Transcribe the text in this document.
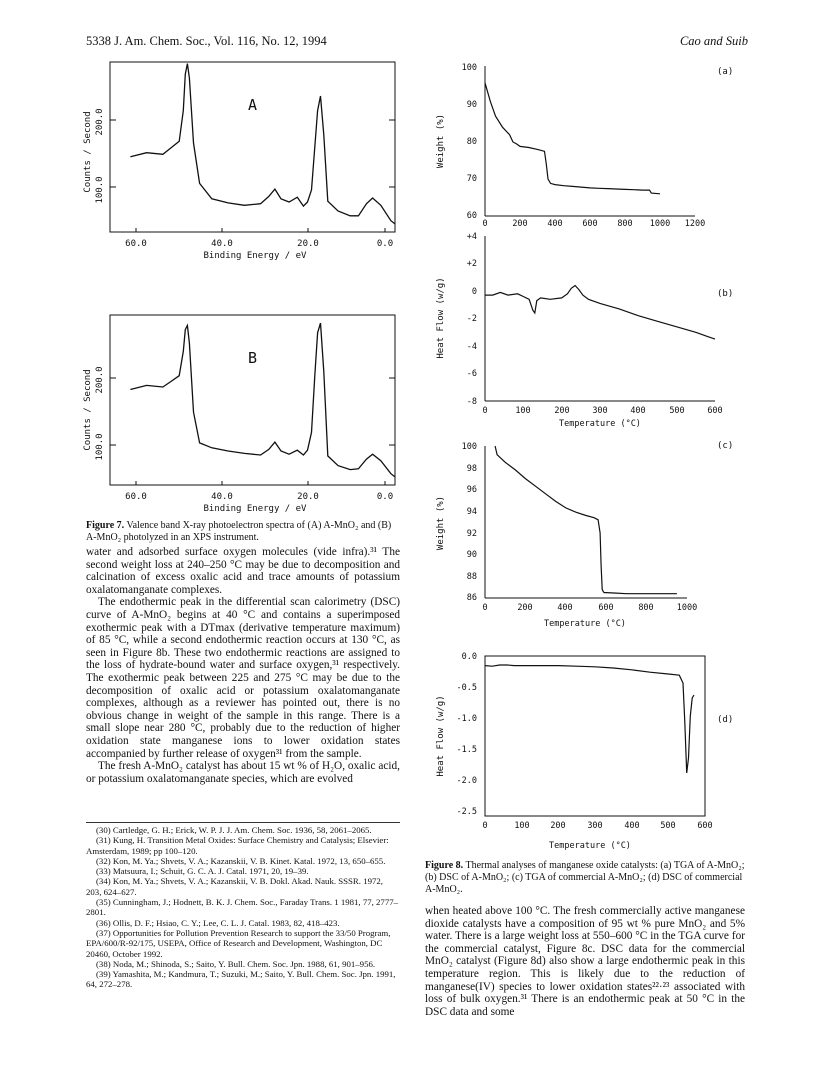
5338 J. Am. Chem. Soc., Vol. 116, No. 12, 1994	Cao and Suib
A
100.0
200.0
Counts / Second
60.0	40.0	20.0	0.0
Binding Energy / eV
B
100.0
200.0
Counts / Second
60.0	40.0	20.0	0.0
Binding Energy / eV
Figure 7. Valence band X-ray photoelectron spectra of (A) A-MnO₂ and (B) A-MnO₂ photolyzed in an XPS instrument.

water and adsorbed surface oxygen molecules (vide infra).³¹ The second weight loss at 240–250 °C may be due to decomposition and calcination of excess oxalic acid and trace amounts of potassium oxalatomanganate complexes.

The endothermic peak in the differential scan calorimetry (DSC) curve of A-MnO₂ begins at 40 °C and contains a superimposed exothermic peak with a DTmax (derivative temperature maximum) of 85 °C, while a second endothermic reaction occurs at 130 °C, as seen in Figure 8b. These two endothermic reactions are assigned to the loss of hydrate-bound water and surface oxygen,³¹ respectively. The exothermic peak between 225 and 275 °C may be due to the decomposition of oxalic acid or potassium oxalatomanganate complexes, although as a reviewer has pointed out, there is no obvious change in weight of the sample in this range. There is a small slope near 280 °C, probably due to the reduction of higher oxidation state manganese ions to lower oxidation states accompanied by further release of oxygen³¹ from the sample.

The fresh A-MnO₂ catalyst has about 15 wt % of H₂O, oxalic acid, or potassium oxalatomanganate species, which are evolved

(30) Cartledge, G. H.; Erick, W. P. J. J. Am. Chem. Soc. 1936, 58, 2061–2065.
(31) Kung, H. Transition Metal Oxides: Surface Chemistry and Catalysis; Elsevier: Amsterdam, 1989; pp 100–120.
(32) Kon, M. Ya.; Shvets, V. A.; Kazanskii, V. B. Kinet. Katal. 1972, 13, 650–655.
(33) Matsuura, I.; Schuit, G. C. A. J. Catal. 1971, 20, 19–39.
(34) Kon, M. Ya.; Shvets, V. A.; Kazanskii, V. B. Dokl. Akad. Nauk. SSSR. 1972, 203, 624–627.
(35) Cunningham, J.; Hodnett, B. K. J. Chem. Soc., Faraday Trans. 1 1981, 77, 2777–2801.
(36) Ollis, D. F.; Hsiao, C. Y.; Lee, C. L. J. Catal. 1983, 82, 418–423.
(37) Opportunities for Pollution Prevention Research to support the 33/50 Program, EPA/600/R-92/175, USEPA, Office of Research and Development, Washington, DC 20460, October 1992.
(38) Noda, M.; Shinoda, S.; Saito, Y. Bull. Chem. Soc. Jpn. 1988, 61, 901–956.
(39) Yamashita, M.; Kandmura, T.; Suzuki, M.; Saito, Y. Bull. Chem. Soc. Jpn. 1991, 64, 272–278.
(a)
Weight (%)
100
90
80
70
60
0	200 400 600 800 1000 1200
(b)
Heat Flow (w/g)
+4
+2
0
-2
-4
-6
-8
0	100	200	300	400	500	600
Temperature (°C)
(c)
Weight (%)
100
98
96
94
92
90
88
86
0	200	400	600	800	1000
Temperature (°C)
(d)
Heat Flow (w/g)
0.0
-0.5
-1.0
-1.5
-2.0
-2.5
0	100 200	300	400 500	600
Temperature (°C)
Figure 8. Thermal analyses of manganese oxide catalysts: (a) TGA of A-MnO₂; (b) DSC of A-MnO₂; (c) TGA of commercial A-MnO₂; (d) DSC of commercial A-MnO₂.

when heated above 100 °C. The fresh commercially active manganese dioxide catalysts have a composition of 95 wt % pure MnO₂ and 5% water. There is a large weight loss at 550–600 °C in the TGA curve for the commercial catalyst, Figure 8c. DSC data for the commercial MnO₂ catalyst (Figure 8d) also show a large endothermic peak in this temperature region. This is likely due to the reduction of manganese(IV) species to lower oxidation states²²·²³ associated with loss of bulk oxygen.³¹ There is an endothermic peak at 50 °C in the DSC data and some
